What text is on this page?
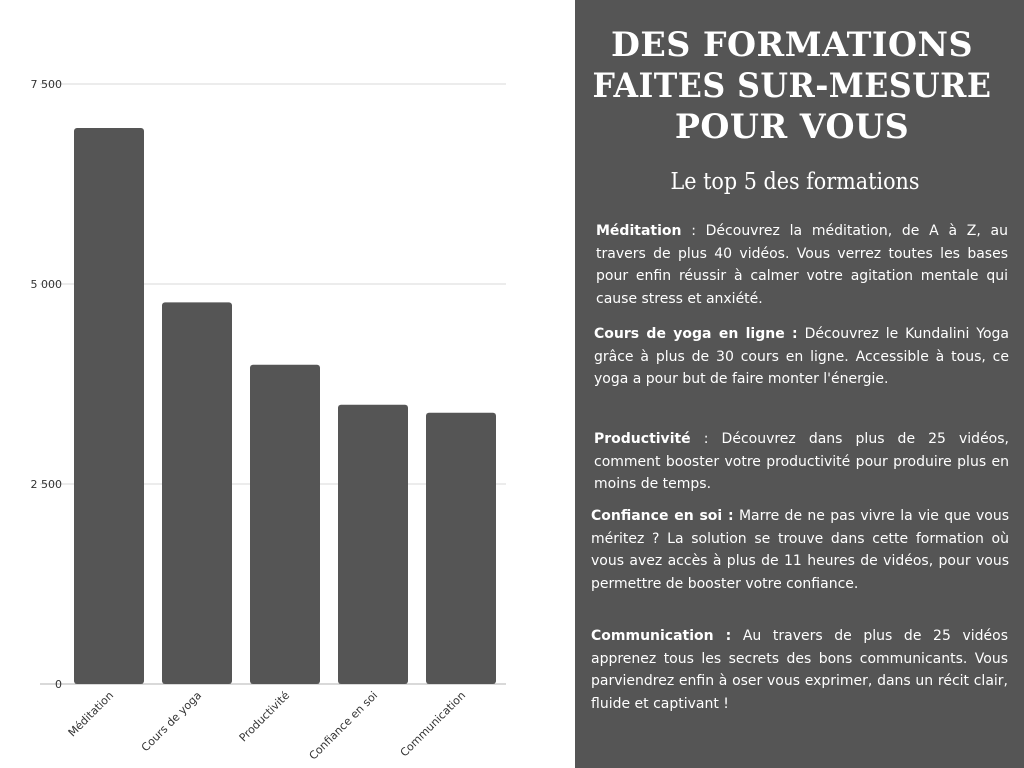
0
2 500
5 000
7 500
Méditation Cours de yoga	Productivité Confiance en soi Communication
DES FORMATIONS
FAITES SUR-MESURE
POUR VOUS
Le top 5 des formations
Méditation : Découvrez la méditation, de A à Z, au travers de plus 40 vidéos. Vous verrez toutes les bases pour enfin réussir à calmer votre agitation mentale qui cause stress et anxiété.
Cours de yoga en ligne : Découvrez le Kundalini Yoga grâce à plus de 30 cours en ligne. Accessible à tous, ce yoga a pour but de faire monter l'énergie.
Productivité : Découvrez dans plus de 25 vidéos, comment booster votre productivité pour produire plus en moins de temps.
Confiance en soi : Marre de ne pas vivre la vie que vous méritez ? La solution se trouve dans cette formation où vous avez accès à plus de 11 heures de vidéos, pour vous permettre de booster votre confiance.
Communication : Au travers de plus de 25 vidéos apprenez tous les secrets des bons communicants. Vous parviendrez enfin à oser vous exprimer, dans un récit clair, fluide et captivant !
